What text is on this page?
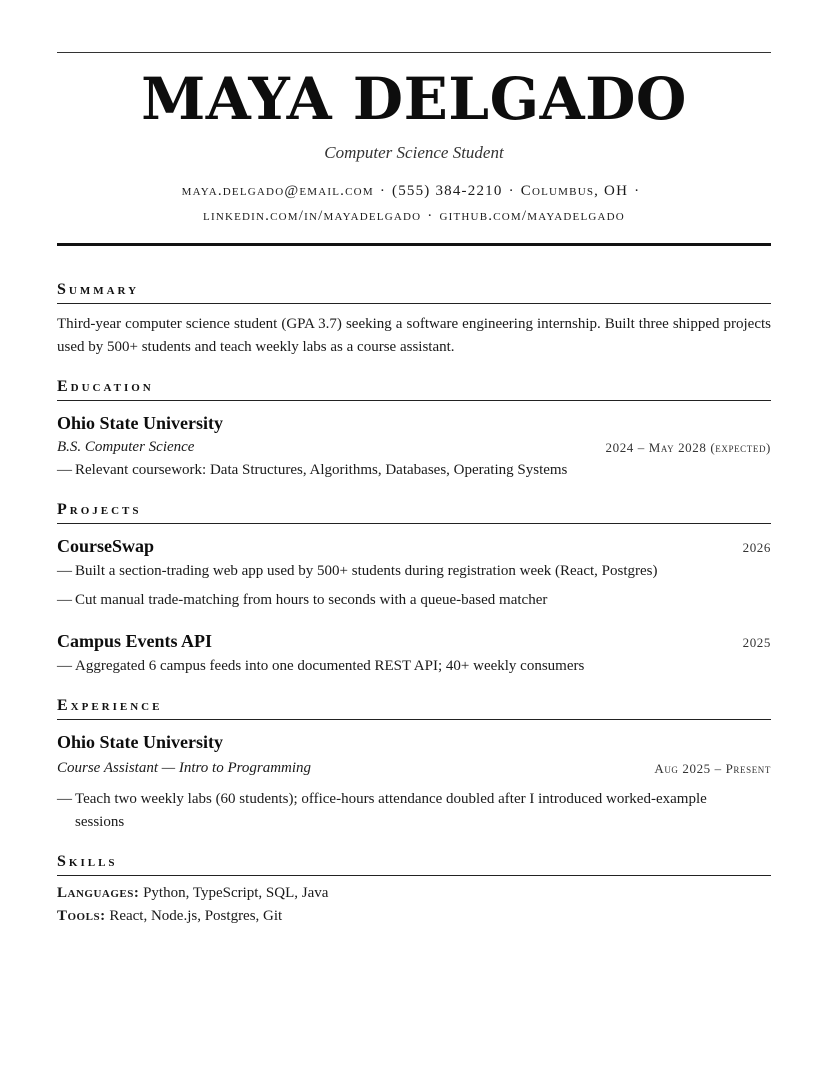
MAYA DELGADO
Computer Science Student
maya.delgado@email.com · (555) 384-2210 · Columbus, OH ·
linkedin.com/in/mayadelgado · github.com/mayadelgado
Summary
Third-year computer science student (GPA 3.7) seeking a software engineering internship. Built three shipped projects used by 500+ students and teach weekly labs as a course assistant.
Education
Ohio State University
B.S. Computer Science	2024 – May 2028 (expected)
— Relevant coursework: Data Structures, Algorithms, Databases, Operating Systems
Projects
CourseSwap	2026
— Built a section-trading web app used by 500+ students during registration week (React, Postgres)
— Cut manual trade-matching from hours to seconds with a queue-based matcher
Campus Events API	2025
— Aggregated 6 campus feeds into one documented REST API; 40+ weekly consumers
Experience
Ohio State University
Course Assistant — Intro to Programming	Aug 2025 – Present
— Teach two weekly labs (60 students); office-hours attendance doubled after I introduced worked-example sessions
Skills
Languages: Python, TypeScript, SQL, Java
Tools: React, Node.js, Postgres, Git
